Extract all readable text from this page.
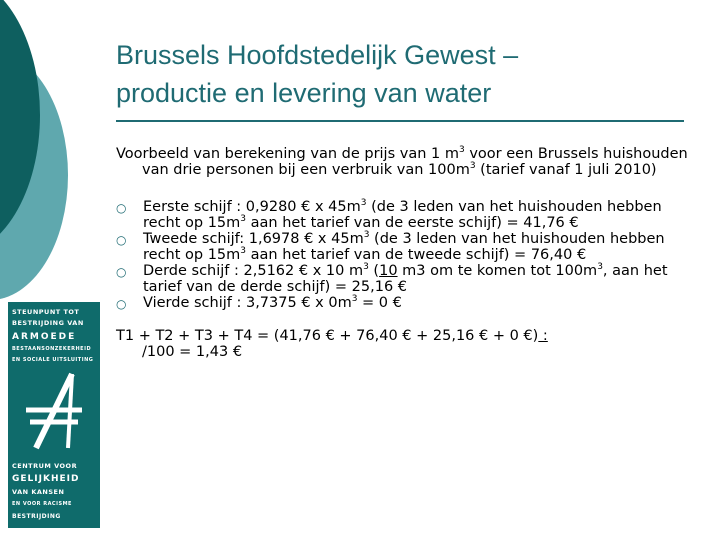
STEUNPUNT TOT
BESTRIJDING VAN
ARMOEDE
BESTAANSONZEKERHEID
EN SOCIALE UITSLUITING
CENTRUM VOOR
GELIJKHEID
VAN KANSEN
EN VOOR RACISME
BESTRIJDING
Brussels Hoofdstedelijk Gewest –
productie en levering van water
Voorbeeld van berekening van de prijs van 1 $m^3$ voor een Brussels huishouden van drie personen bij een verbruik van $100m^3$ (tarief vanaf 1 juli 2010)
○ Eerste schijf : 0,9280 € x $45m^3$ (de 3 leden van het huishouden hebben recht op $15m^3$ aan het tarief van de eerste schijf) = 41,76 €
○ Tweede schijf: 1,6978 € x $45m^3$ (de 3 leden van het huishouden hebben recht op $15m^3$ aan het tarief van de tweede schijf) = 76,40 €
○ Derde schijf : 2,5162 € x 10 $m^3$ (10 m3 om te komen tot $100m^3$, aan het tarief van de derde schijf) = 25,16 €
○ Vierde schijf : 3,7375 € x $0m^3 = 0$ €
T1 + T2 + T3 + T4 = (41,76 € + 76,40 € + 25,16 € + 0 €) :
/100 = 1,43 €
